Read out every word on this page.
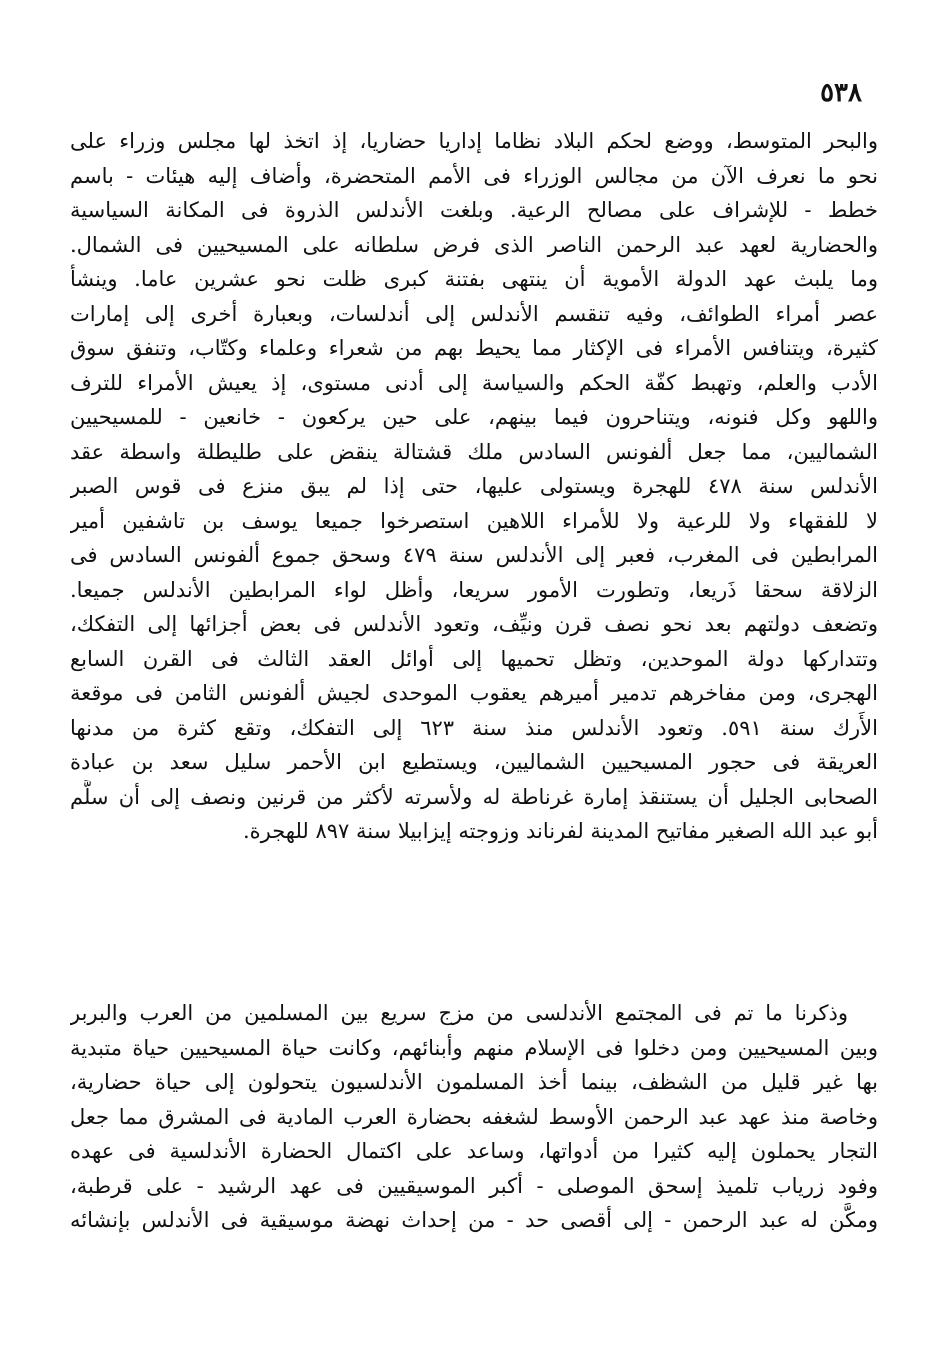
٥٣٨
والبحر المتوسط، ووضع لحكم البلاد نظاما إداريا حضاريا، إذ اتخذ لها مجلس وزراء على
نحو ما نعرف الآن من مجالس الوزراء فى الأمم المتحضرة، وأضاف إليه هيئات - باسم
خطط - للإشراف على مصالح الرعية. وبلغت الأندلس الذروة فى المكانة السياسية
والحضارية لعهد عبد الرحمن الناصر الذى فرض سلطانه على المسيحيين فى الشمال.
وما يلبث عهد الدولة الأموية أن ينتهى بفتنة كبرى ظلت نحو عشرين عاما. وينشأ
عصر أمراء الطوائف، وفيه تنقسم الأندلس إلى أندلسات، وبعبارة أخرى إلى إمارات
كثيرة، ويتنافس الأمراء فى الإكثار مما يحيط بهم من شعراء وعلماء وكتّاب، وتنفق سوق
الأدب والعلم، وتهبط كفّة الحكم والسياسة إلى أدنى مستوى، إذ يعيش الأمراء للترف
واللهو وكل فنونه، ويتناحرون فيما بينهم، على حين يركعون - خانعين - للمسيحيين
الشماليين، مما جعل ألفونس السادس ملك قشتالة ينقض على طليطلة واسطة عقد
الأندلس سنة ٤٧٨ للهجرة ويستولى عليها، حتى إذا لم يبق منزع فى قوس الصبر
لا للفقهاء ولا للرعية ولا للأمراء اللاهين استصرخوا جميعا يوسف بن تاشفين أمير
المرابطين فى المغرب، فعبر إلى الأندلس سنة ٤٧٩ وسحق جموع ألفونس السادس فى
الزلاقة سحقا ذَريعا، وتطورت الأمور سريعا، وأظل لواء المرابطين الأندلس جميعا.
وتضعف دولتهم بعد نحو نصف قرن ونيِّف، وتعود الأندلس فى بعض أجزائها إلى التفكك،
وتتداركها دولة الموحدين، وتظل تحميها إلى أوائل العقد الثالث فى القرن السابع
الهجرى، ومن مفاخرهم تدمير أميرهم يعقوب الموحدى لجيش ألفونس الثامن فى موقعة
الأَرك سنة ٥٩١. وتعود الأندلس منذ سنة ٦٢٣ إلى التفكك، وتقع كثرة من مدنها
العريقة فى حجور المسيحيين الشماليين، ويستطيع ابن الأحمر سليل سعد بن عبادة
الصحابى الجليل أن يستنقذ إمارة غرناطة له ولأسرته لأكثر من قرنين ونصف إلى أن سلَّم
أبو عبد الله الصغير مفاتيح المدينة لفرناند وزوجته إيزابيلا سنة ٨٩٧ للهجرة.
وذكرنا ما تم فى المجتمع الأندلسى من مزج سريع بين المسلمين من العرب والبربر
وبين المسيحيين ومن دخلوا فى الإسلام منهم وأبنائهم، وكانت حياة المسيحيين حياة متبدية
بها غير قليل من الشظف، بينما أخذ المسلمون الأندلسيون يتحولون إلى حياة حضارية،
وخاصة منذ عهد عبد الرحمن الأوسط لشغفه بحضارة العرب المادية فى المشرق مما جعل
التجار يحملون إليه كثيرا من أدواتها، وساعد على اكتمال الحضارة الأندلسية فى عهده
وفود زرياب تلميذ إسحق الموصلى - أكبر الموسيقيين فى عهد الرشيد - على قرطبة،
ومكَّن له عبد الرحمن - إلى أقصى حد - من إحداث نهضة موسيقية فى الأندلس بإنشائه
